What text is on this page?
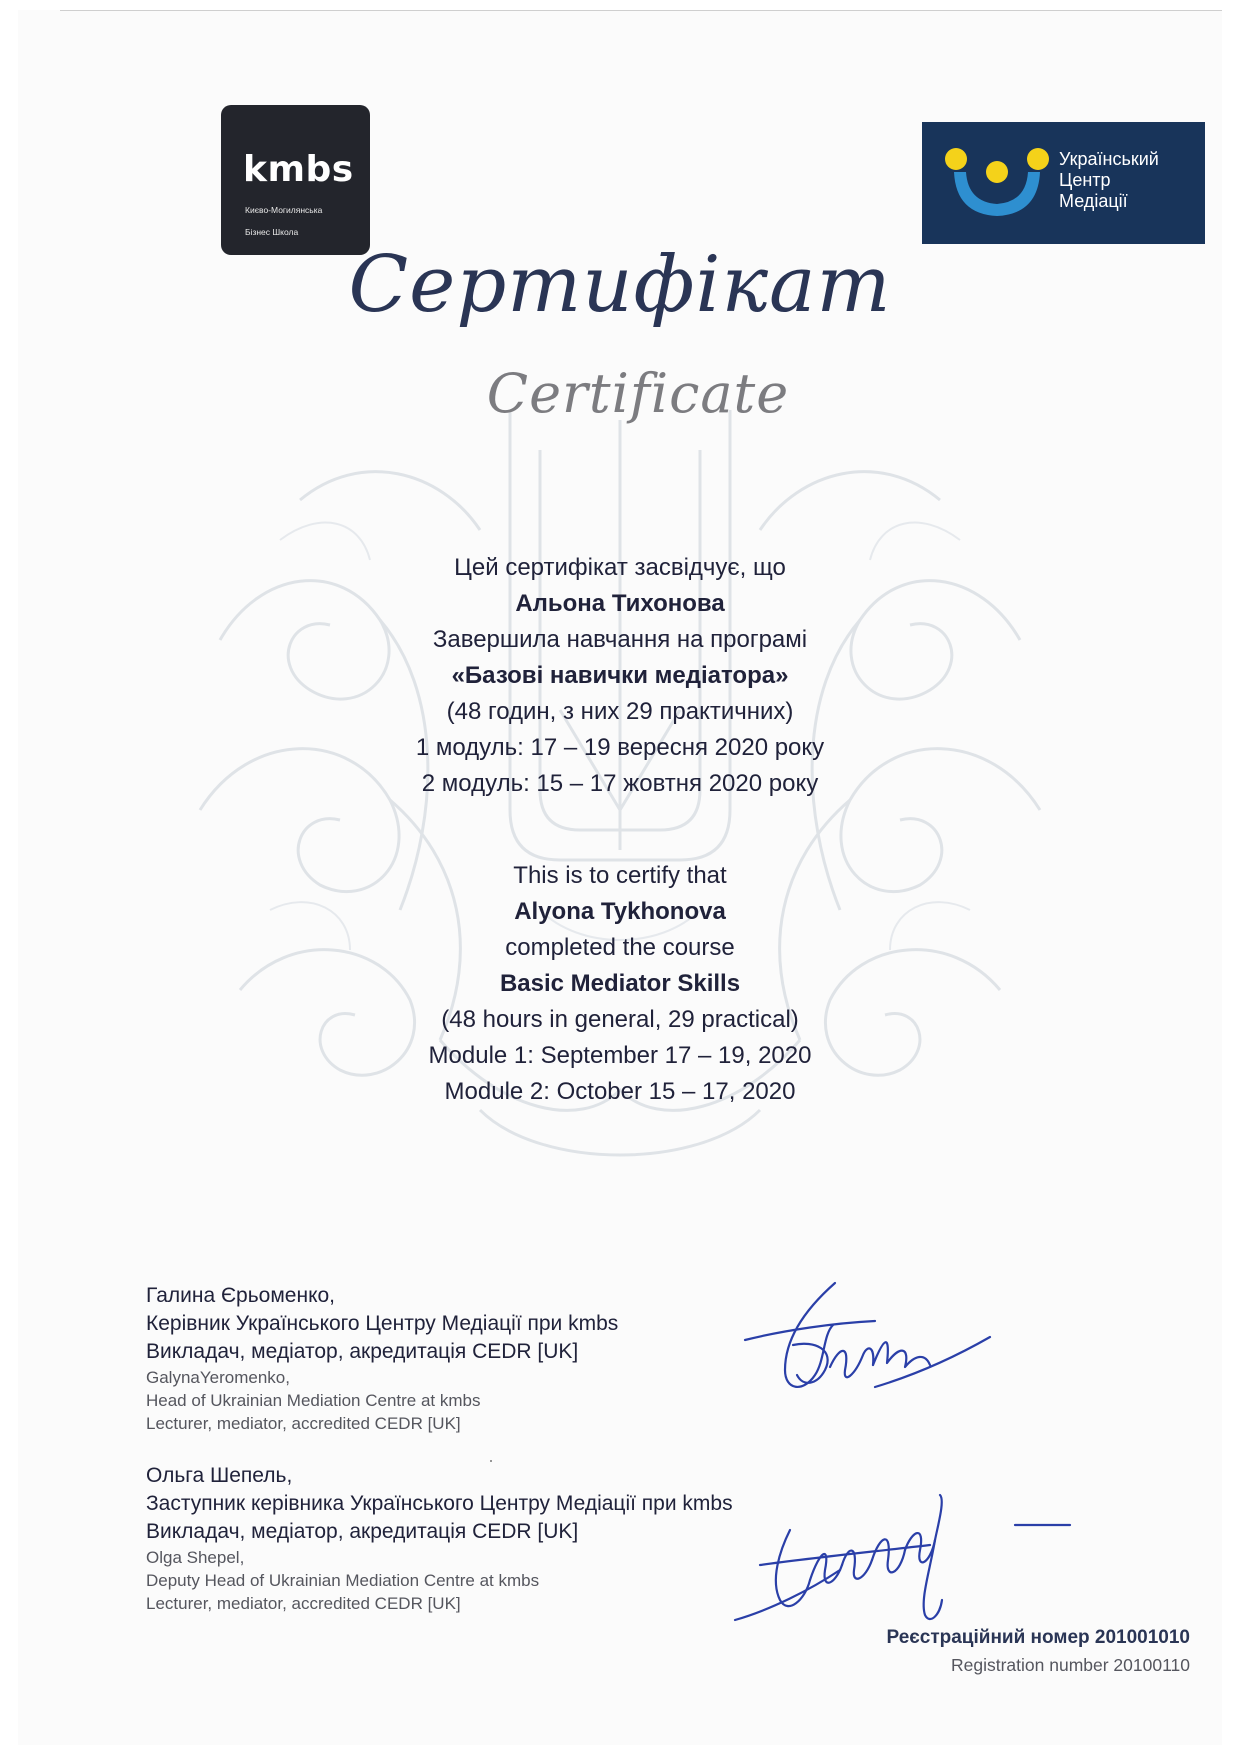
kmbs

Києво-Могилянська

Бізнес Школа

Український
Центр
Медіації
Сертифікат
Certificate
Цей сертифікат засвідчує, що
Альона Тихонова
Завершила навчання на програмі
«Базові навички медіатора»
(48 годин, з них 29 практичних)
1 модуль: 17 – 19 вересня 2020 року
2 модуль: 15 – 17 жовтня 2020 року
This is to certify that
Alyona Tykhonova
completed the course
Basic Mediator Skills
(48 hours in general, 29 practical)
Module 1: September 17 – 19, 2020
Module 2: October 15 – 17, 2020
Галина Єрьоменко,
Керівник Українського Центру Медіації при kmbs
Викладач, медіатор, акредитація CEDR [UK]
GalynaYeromenko,
Head of Ukrainian Mediation Centre at kmbs
Lecturer, mediator, accredited CEDR [UK]
Ольга Шепель,
Заступник керівника Українського Центру Медіації при kmbs
Викладач, медіатор, акредитація CEDR [UK]
Olga Shepel,
Deputy Head of Ukrainian Mediation Centre at kmbs
Lecturer, mediator, accredited CEDR [UK]
Реєстраційний номер 201001010
Registration number 20100110
